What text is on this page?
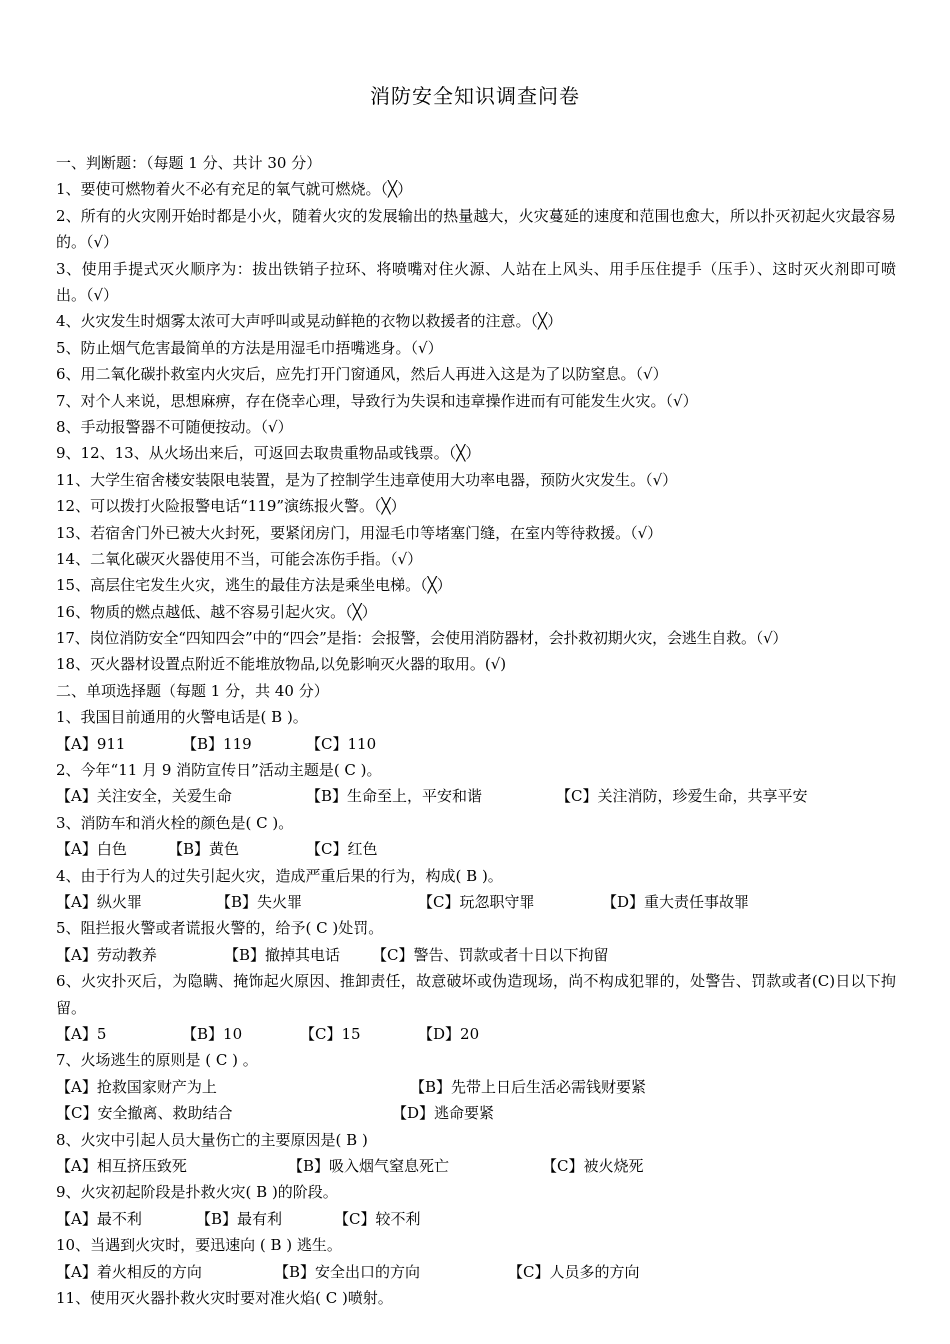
消防安全知识调查问卷
一、判断题：（每题 1 分、共计 30 分）
1、要使可燃物着火不必有充足的氧气就可燃烧。（╳）
2、所有的火灾刚开始时都是小火，随着火灾的发展输出的热量越大，火灾蔓延的速度和范围也愈大，所以扑灭初起火灾最容易的。（√）
3、使用手提式灭火顺序为：拔出铁销子拉环、将喷嘴对住火源、人站在上风头、用手压住提手（压手）、这时灭火剂即可喷出。（√）
4、火灾发生时烟雾太浓可大声呼叫或晃动鲜艳的衣物以救援者的注意。（╳）
5、防止烟气危害最简单的方法是用湿毛巾捂嘴逃身。（√）
6、用二氧化碳扑救室内火灾后，应先打开门窗通风，然后人再进入这是为了以防窒息。（√）
7、对个人来说，思想麻痹，存在侥幸心理，导致行为失误和违章操作进而有可能发生火灾。（√）
8、手动报警器不可随便按动。（√）
9、12、13、从火场出来后，可返回去取贵重物品或钱票。（╳）
11、大学生宿舍楼安装限电装置，是为了控制学生违章使用大功率电器，预防火灾发生。（√）
12、可以拨打火险报警电话“119”演练报火警。（╳）
13、若宿舍门外已被大火封死，要紧闭房门，用湿毛巾等堵塞门缝，在室内等待救援。（√）
14、二氧化碳灭火器使用不当，可能会冻伤手指。（√）
15、高层住宅发生火灾，逃生的最佳方法是乘坐电梯。（╳）
16、物质的燃点越低、越不容易引起火灾。（╳）
17、岗位消防安全“四知四会”中的“四会”是指：会报警，会使用消防器材，会扑救初期火灾，会逃生自救。（√）
18、灭火器材设置点附近不能堆放物品,以免影响灭火器的取用。(√)
二、单项选择题（每题 1 分，共 40 分）
1、我国目前通用的火警电话是( B )。
【A】911	【B】119	【C】110
2、今年“11 月 9 消防宣传日”活动主题是( C )。
【A】关注安全，关爱生命	【B】生命至上，平安和谐	【C】关注消防，珍爱生命，共享平安
3、消防车和消火栓的颜色是( C )。
【A】白色	【B】黄色	【C】红色
4、由于行为人的过失引起火灾，造成严重后果的行为，构成( B )。
【A】纵火罪	【B】失火罪	【C】玩忽职守罪	【D】重大责任事故罪
5、阻拦报火警或者谎报火警的，给予( C )处罚。
【A】劳动教养	【B】撤掉其电话 【C】警告、罚款或者十日以下拘留
6、火灾扑灭后，为隐瞒、掩饰起火原因、推卸责任，故意破坏或伪造现场，尚不构成犯罪的，处警告、罚款或者(C)日以下拘留。
【A】5	【B】10	【C】15	【D】20
7、火场逃生的原则是 ( C ) 。
【A】抢救国家财产为上	【B】先带上日后生活必需钱财要紧
【C】安全撤离、救助结合	【D】逃命要紧
8、火灾中引起人员大量伤亡的主要原因是( B )
【A】相互挤压致死	【B】吸入烟气窒息死亡	【C】被火烧死
9、火灾初起阶段是扑救火灾( B )的阶段。
【A】最不利	【B】最有利	【C】较不利
10、当遇到火灾时，要迅速向 ( B ) 逃生。
【A】着火相反的方向	【B】安全出口的方向	【C】人员多的方向
11、使用灭火器扑救火灾时要对准火焰( C )喷射。
